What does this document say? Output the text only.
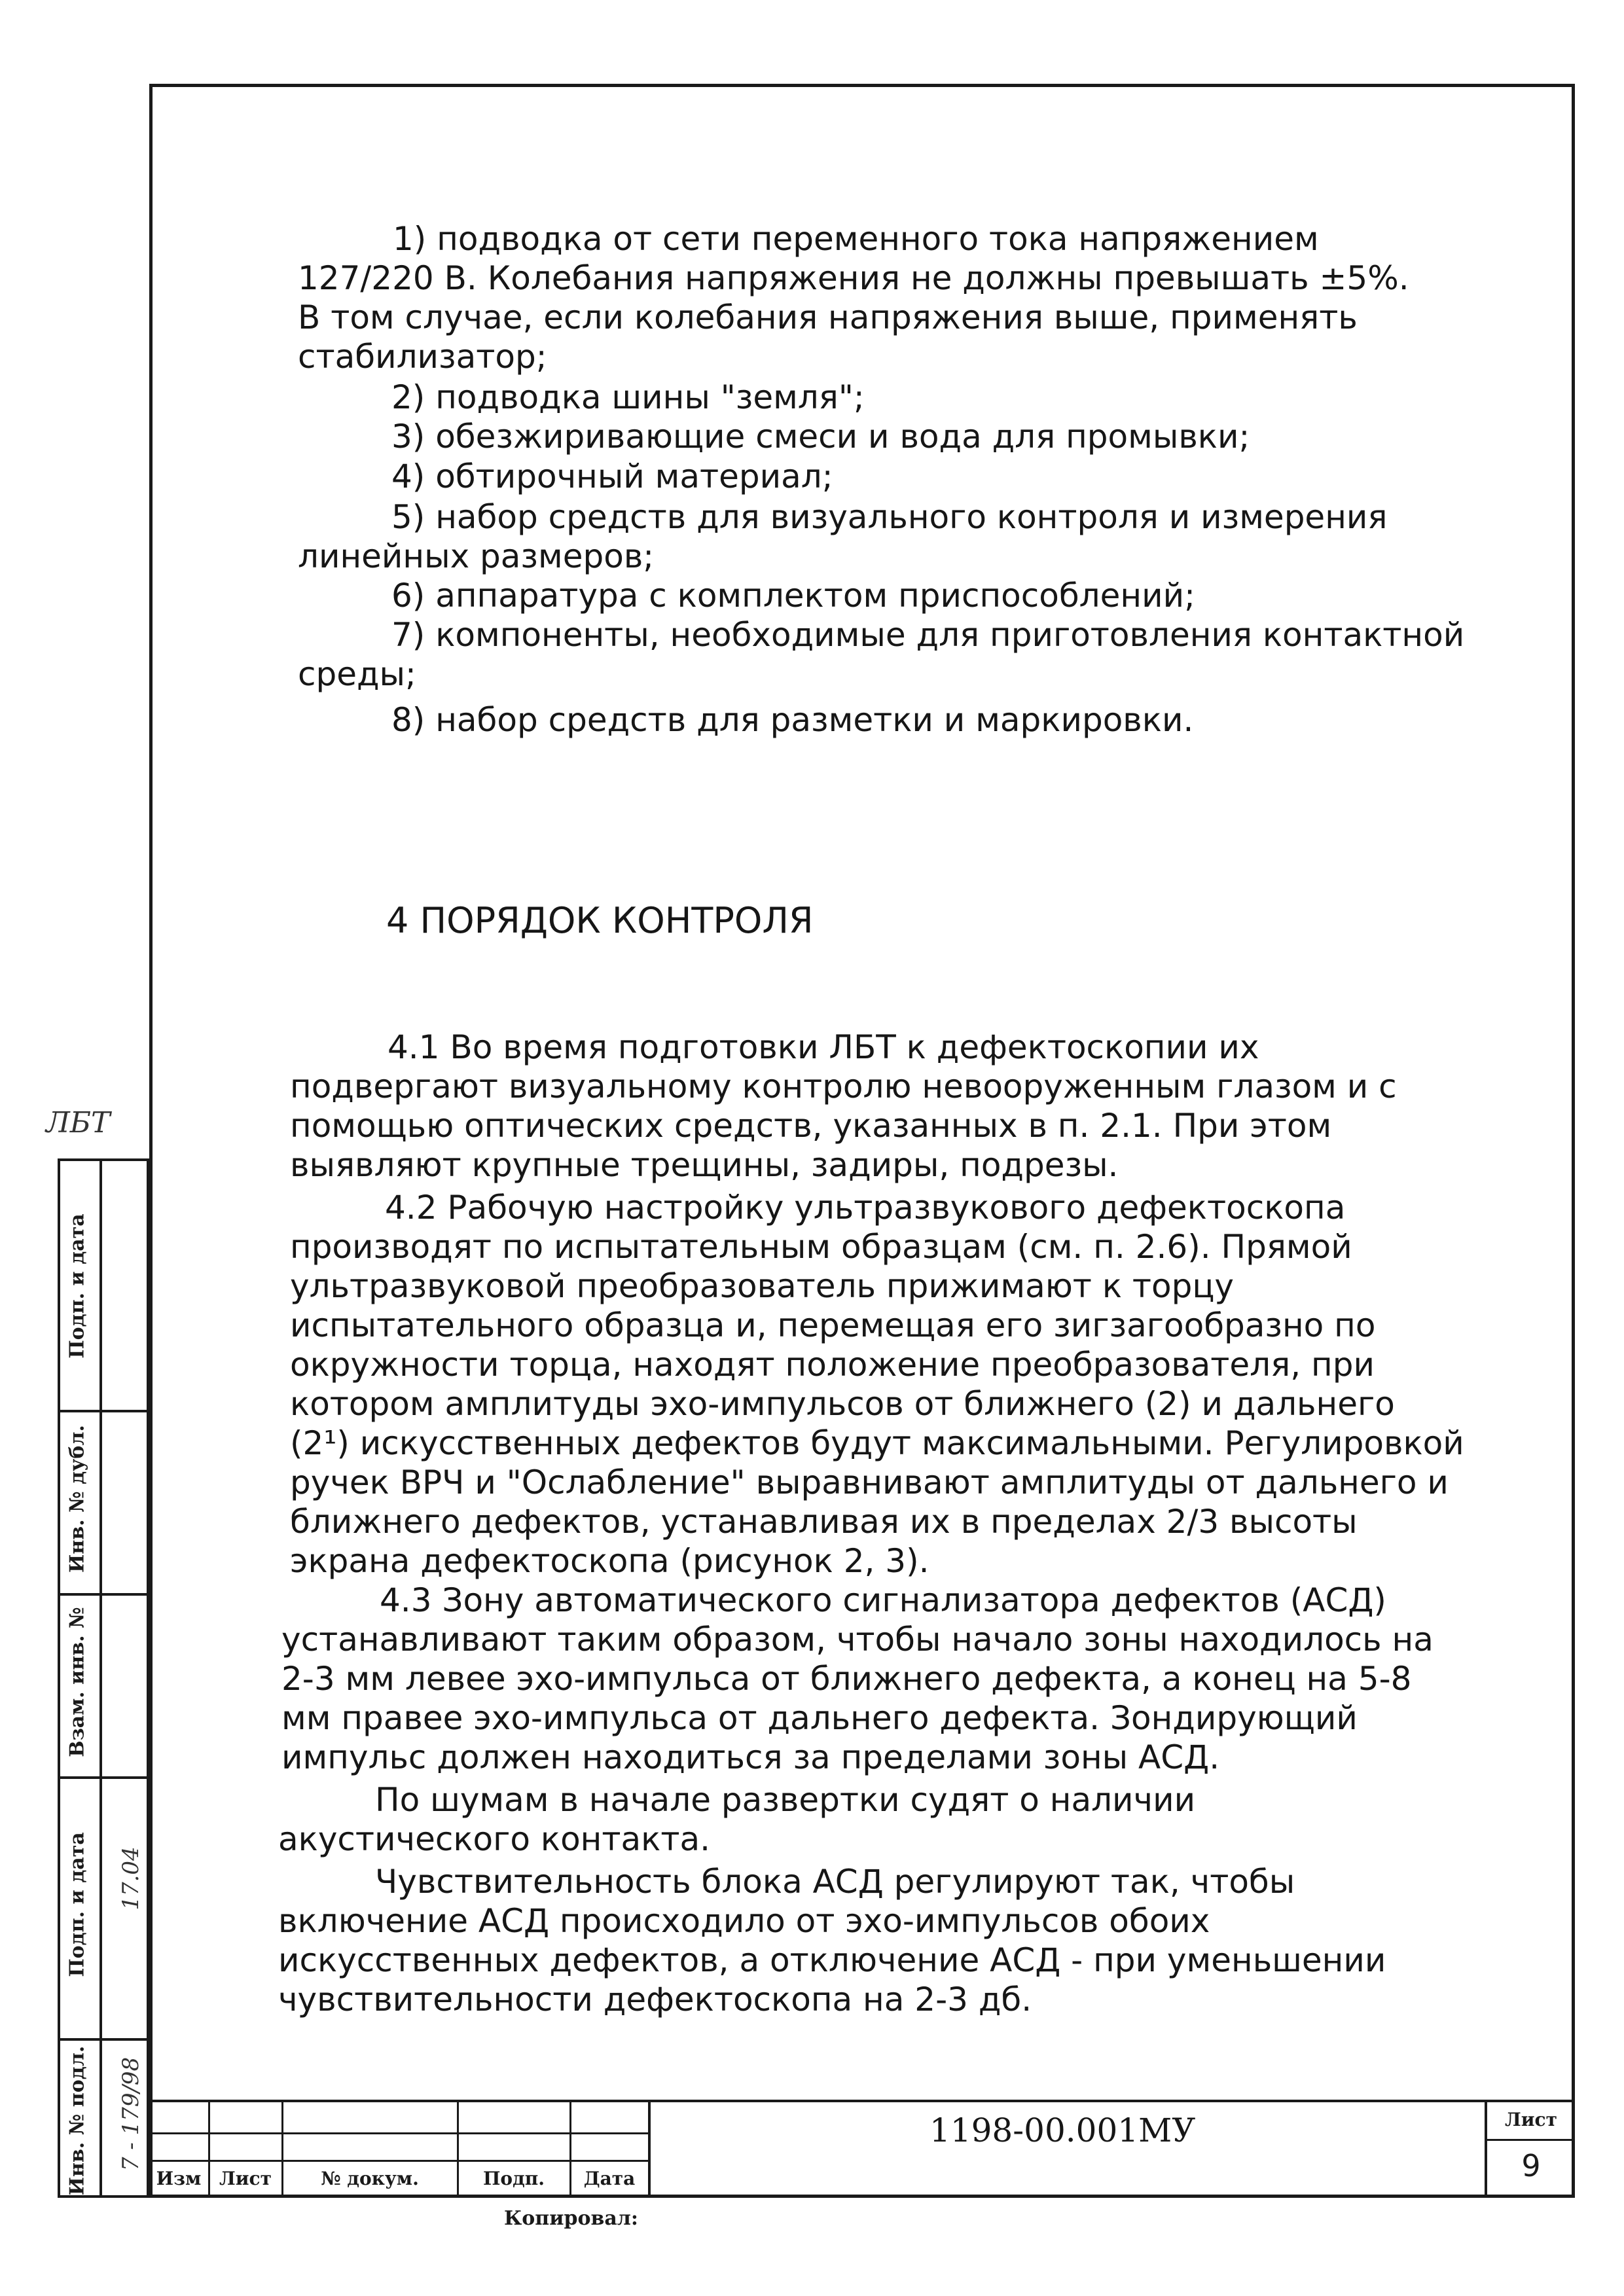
1) подводка от сети переменного тока напряжением
127/220 В. Колебания напряжения не должны превышать ±5%.
В том случае, если колебания напряжения выше, применять
стабилизатор;
2) подводка шины "земля";
3) обезжиривающие смеси и вода для промывки;
4) обтирочный материал;
5) набор средств для визуального контроля и измерения
линейных размеров;
6) аппаратура с комплектом приспособлений;
7) компоненты, необходимые для приготовления контактной
среды;
8) набор средств для разметки и маркировки.
4 ПОРЯДОК КОНТРОЛЯ
4.1 Во время подготовки ЛБТ к дефектоскопии их
подвергают визуальному контролю невооруженным глазом и с
помощью оптических средств, указанных в п. 2.1. При этом
выявляют крупные трещины, задиры, подрезы.
4.2 Рабочую настройку ультразвукового дефектоскопа
производят по испытательным образцам (см. п. 2.6). Прямой
ультразвуковой преобразователь прижимают к торцу
испытательного образца и, перемещая его зигзагообразно по
окружности торца, находят положение преобразователя, при
котором амплитуды эхо-импульсов от ближнего (2) и дальнего
(2¹) искусственных дефектов будут максимальными. Регулировкой
ручек ВРЧ и "Ослабление" выравнивают амплитуды от дальнего и
ближнего дефектов, устанавливая их в пределах 2/3 высоты
экрана дефектоскопа (рисунок 2, 3).
4.3 Зону автоматического сигнализатора дефектов (АСД)
устанавливают таким образом, чтобы начало зоны находилось на
2-3 мм левее эхо-импульса от ближнего дефекта, а конец на 5-8
мм правее эхо-импульса от дальнего дефекта. Зондирующий
импульс должен находиться за пределами зоны АСД.
По шумам в начале развертки судят о наличии
акустического контакта.
Чувствительность блока АСД регулируют так, чтобы
включение АСД происходило от эхо-импульсов обоих
искусственных дефектов, а отключение АСД - при уменьшении
чувствительности дефектоскопа на 2-3 дб.
ЛБТ
Подп. и дата
Инв. № дубл.
Взам. инв. №
Подп. и дата
Инв. № подл. 7 - 179/98
17.04
Изм Лист	№ докум.	Подп.	Дата
1198-00.001МУ	Лист
9
Копировал:
